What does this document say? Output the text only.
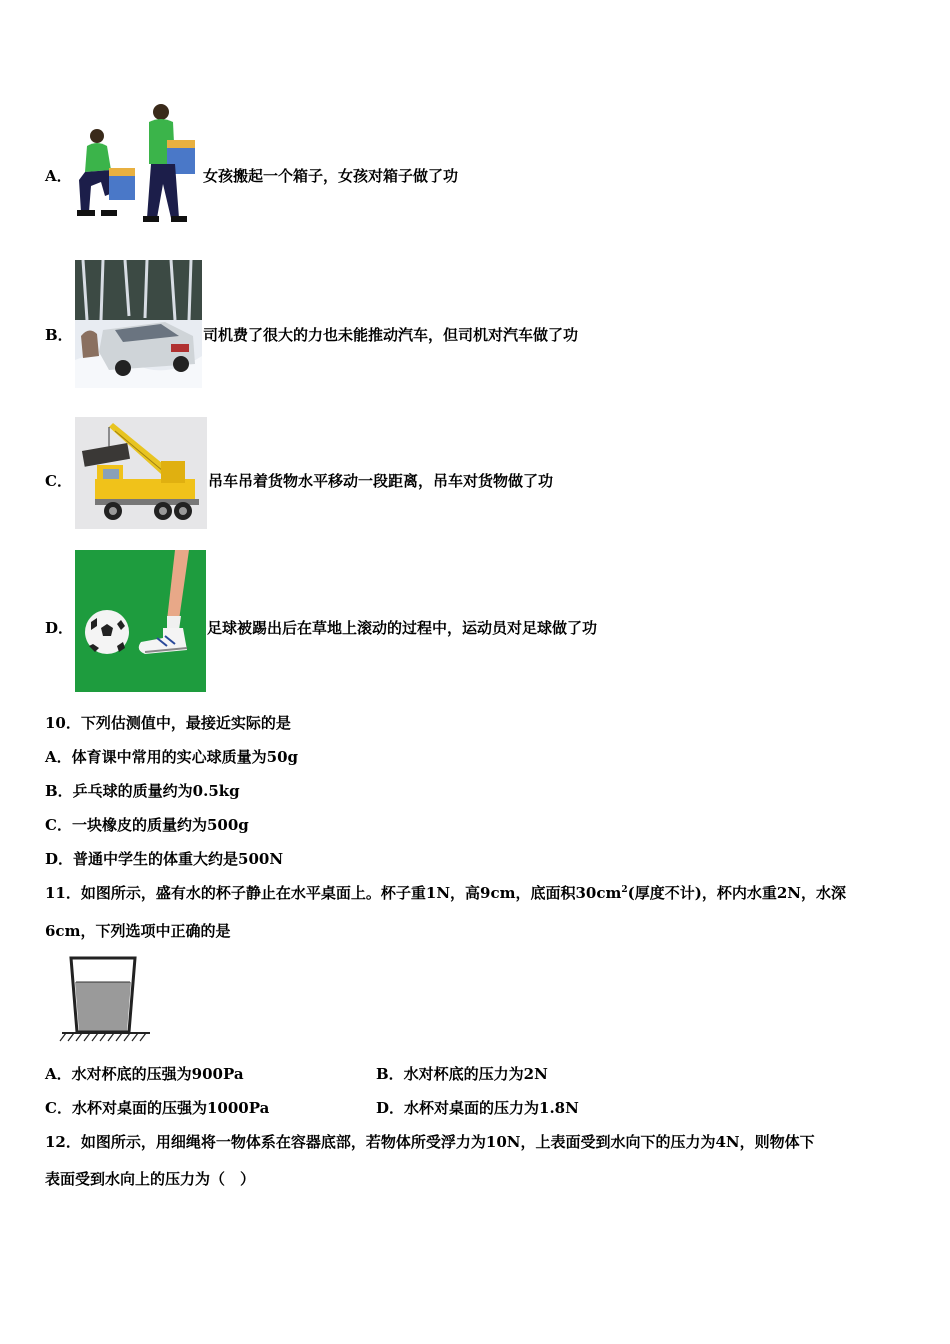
A．	女孩搬起一个箱子，女孩对箱子做了功
B．	司机费了很大的力也未能推动汽车，但司机对汽车做了功
C．	吊车吊着货物水平移动一段距离，吊车对货物做了功
D．	足球被踢出后在草地上滚动的过程中，运动员对足球做了功
10．下列估测值中，最接近实际的是
A．体育课中常用的实心球质量为50g
B．乒乓球的质量约为0.5kg
C．一块橡皮的质量约为500g
D．普通中学生的体重大约是500N
11．如图所示，盛有水的杯子静止在水平桌面上。杯子重1N，高9cm，底面积$30cm^2$(厚度不计)，杯内水重2N，水深
6cm，下列选项中正确的是
A．水对杯底的压强为900Pa	B．水对杯底的压力为2N
C．水杯对桌面的压强为1000Pa	D．水杯对桌面的压力为1.8N
12．如图所示，用细绳将一物体系在容器底部，若物体所受浮力为10N，上表面受到水向下的压力为4N，则物体下
表面受到水向上的压力为（　）
